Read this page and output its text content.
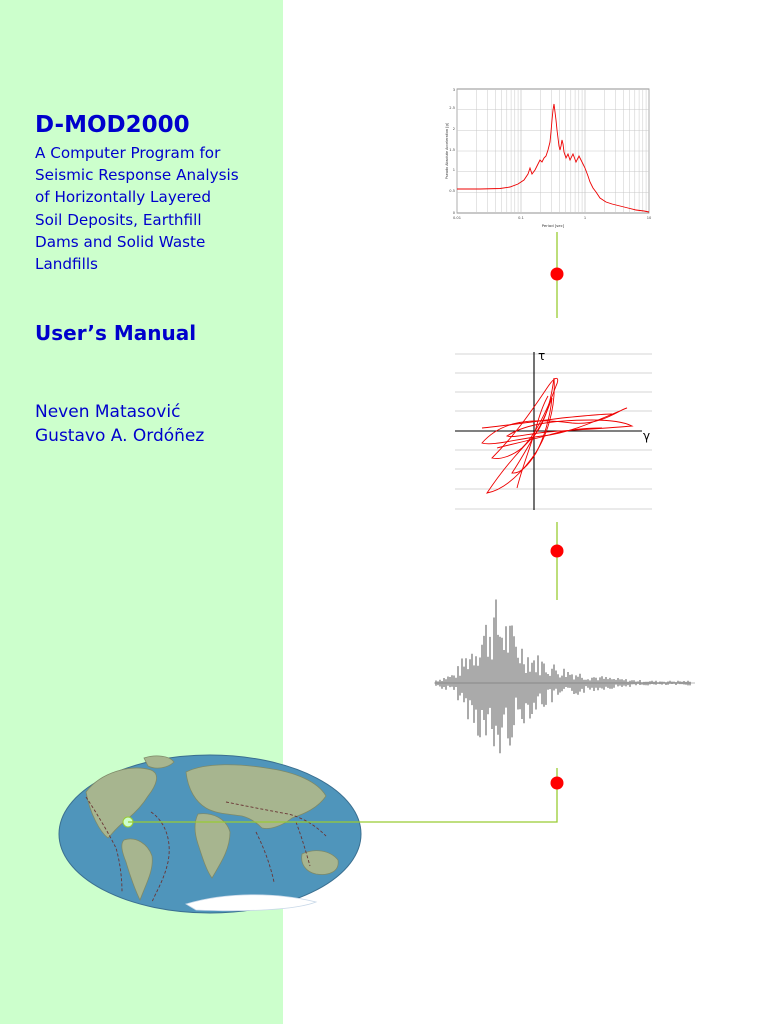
D-MOD2000
A Computer Program for
Seismic Response Analysis
of Horizontally Layered
Soil Deposits, Earthfill
Dams and Solid Waste
Landfills
User’s Manual
Neven Matasović
Gustavo A. Ordóñez
3
2.5
2
1.5
1
0.5
0
0.01	0.1	1	10
Period [sec]
Pseudo Absolute Acceleration [g]
τ
γ
